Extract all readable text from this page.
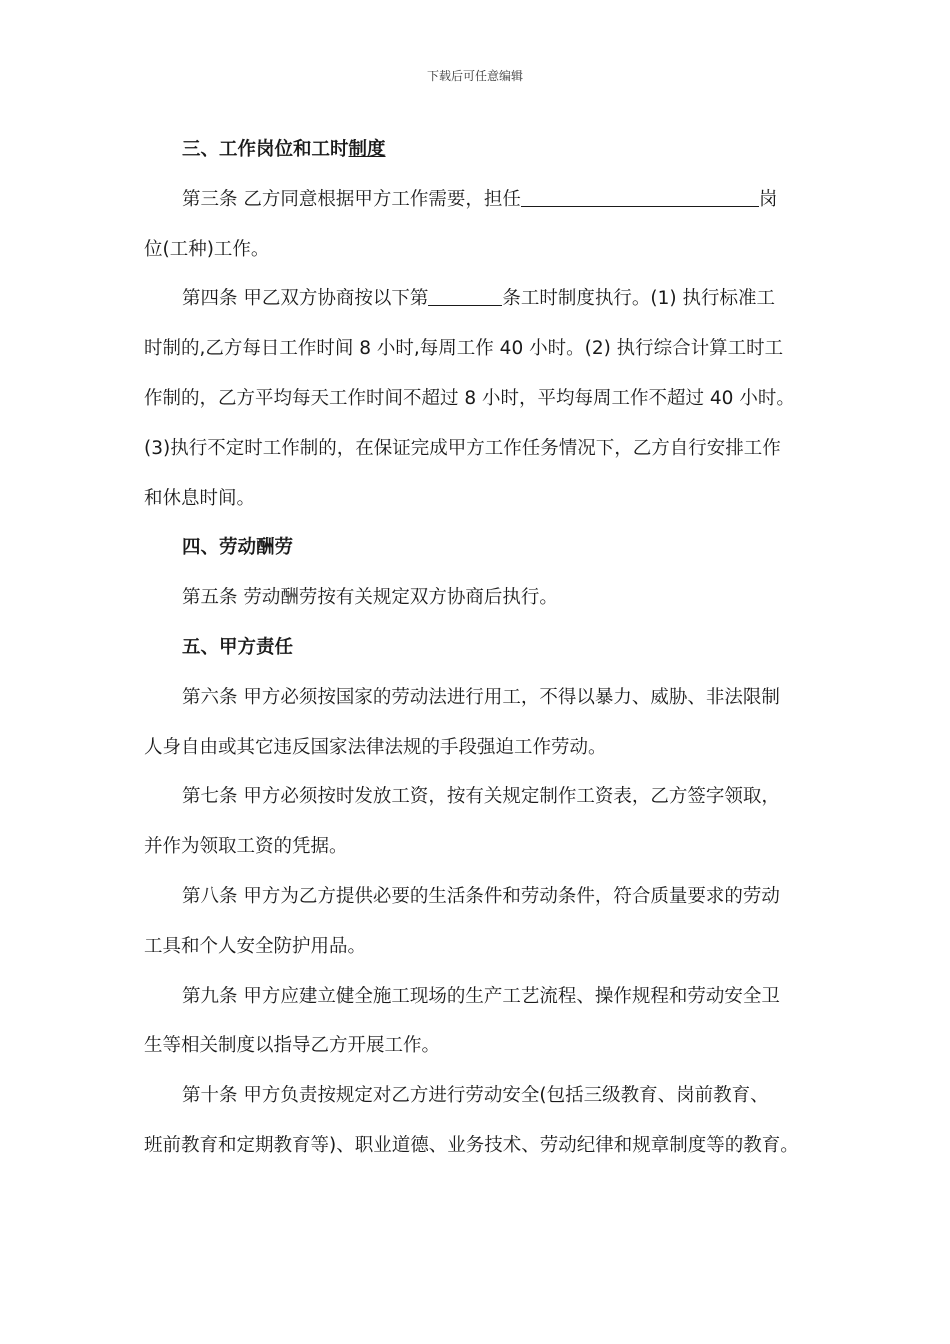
下载后可任意编辑
三、工作岗位和工时制度
第三条 乙方同意根据甲方工作需要，担任	岗
位(工种)工作。
第四条 甲乙双方协商按以下第	条工时制度执行。(1) 执行标准工
时制的,乙方每日工作时间 8 小时,每周工作 40 小时。(2) 执行综合计算工时工
作制的，乙方平均每天工作时间不超过 8 小时，平均每周工作不超过 40 小时。
(3)执行不定时工作制的，在保证完成甲方工作任务情况下，乙方自行安排工作
和休息时间。
四、劳动酬劳
第五条 劳动酬劳按有关规定双方协商后执行。
五、甲方责任
第六条 甲方必须按国家的劳动法进行用工，不得以暴力、威胁、非法限制
人身自由或其它违反国家法律法规的手段强迫工作劳动。
第七条 甲方必须按时发放工资，按有关规定制作工资表，乙方签字领取，
并作为领取工资的凭据。
第八条 甲方为乙方提供必要的生活条件和劳动条件，符合质量要求的劳动
工具和个人安全防护用品。
第九条 甲方应建立健全施工现场的生产工艺流程、操作规程和劳动安全卫
生等相关制度以指导乙方开展工作。
第十条 甲方负责按规定对乙方进行劳动安全(包括三级教育、岗前教育、
班前教育和定期教育等)、职业道德、业务技术、劳动纪律和规章制度等的教育。
